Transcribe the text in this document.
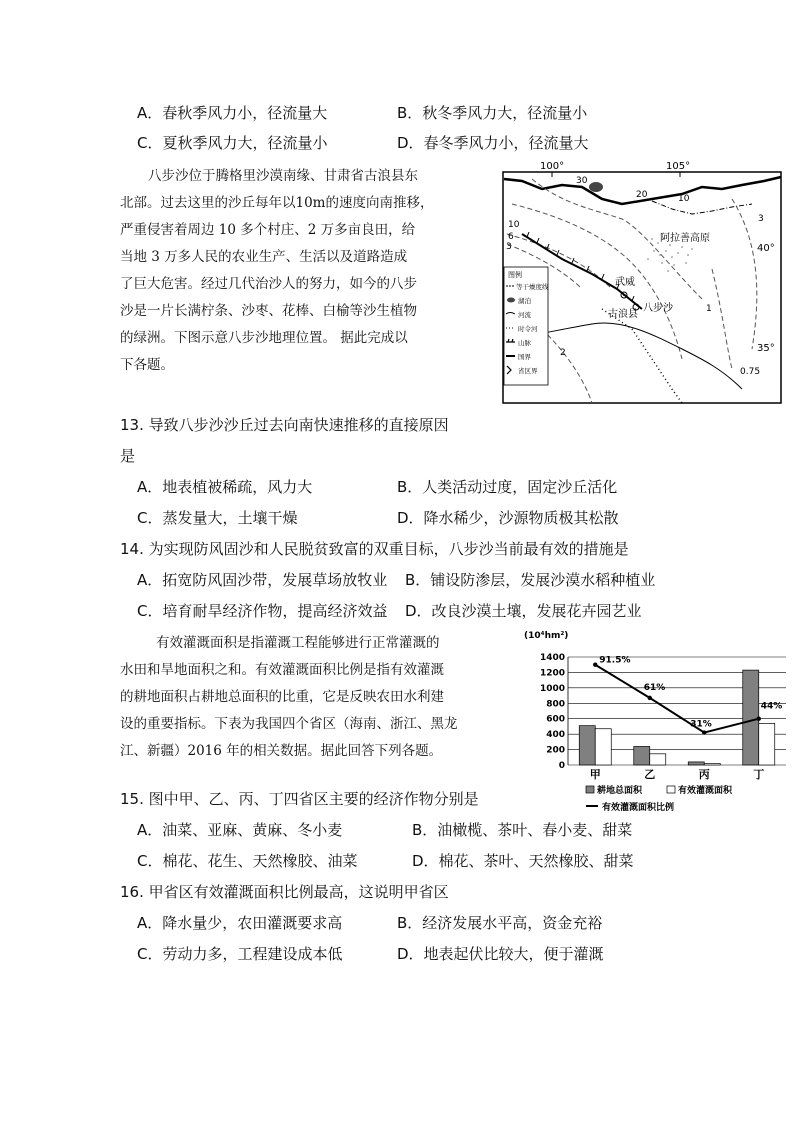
A．春秋季风力小，径流量大	B．秋冬季风力大，径流量小
C．夏秋季风力大，径流量小	D．春冬季风力小，径流量大

八步沙位于腾格里沙漠南缘、甘肃省古浪县东

北部。过去这里的沙丘每年以10m的速度向南推移，

严重侵害着周边 10 多个村庄、2 万多亩良田，给

当地 3 万多人民的农业生产、生活以及道路造成

了巨大危害。经过几代治沙人的努力，如今的八步

沙是一片长满柠条、沙枣、花棒、白榆等沙生植物

的绿洲。下图示意八步沙地理位置。 据此完成以

下各题。

100°	105°
30
20	10
10
6
3
3
2
1
0.75
40°
35°
阿拉善高原
武威
古浪县
八步沙
图例
等干燥度线
湖泊
河流
时令河
山脉
国界
省区界
13. 导致八步沙沙丘过去向南快速推移的直接原因
是
A．地表植被稀疏，风力大	B．人类活动过度，固定沙丘活化
C．蒸发量大，土壤干燥	D．降水稀少，沙源物质极其松散
14. 为实现防风固沙和人民脱贫致富的双重目标，八步沙当前最有效的措施是
A．拓宽防风固沙带，发展草场放牧业 B．铺设防渗层，发展沙漠水稻种植业
C．培育耐旱经济作物，提高经济效益 D．改良沙漠土壤，发展花卉园艺业

有效灌溉面积是指灌溉工程能够进行正常灌溉的

水田和旱地面积之和。有效灌溉面积比例是指有效灌溉

的耕地面积占耕地总面积的比重，它是反映农田水利建

设的重要指标。下表为我国四个省区（海南、浙江、黑龙

江、新疆）2016 年的相关数据。据此回答下列各题。

(10⁴hm²)
0
200
400
600
800
1000
1200
1400
甲	乙	丙	丁
91.5%
61%
31%
44%
耕地总面积	有效灌溉面积
有效灌溉面积比例
15. 图中甲、乙、丙、丁四省区主要的经济作物分别是
A．油菜、亚麻、黄麻、冬小麦	B．油橄榄、茶叶、春小麦、甜菜
C．棉花、花生、天然橡胶、油菜	D．棉花、茶叶、天然橡胶、甜菜
16. 甲省区有效灌溉面积比例最高，这说明甲省区
A．降水量少，农田灌溉要求高	B．经济发展水平高，资金充裕
C．劳动力多，工程建设成本低	D．地表起伏比较大，便于灌溉
